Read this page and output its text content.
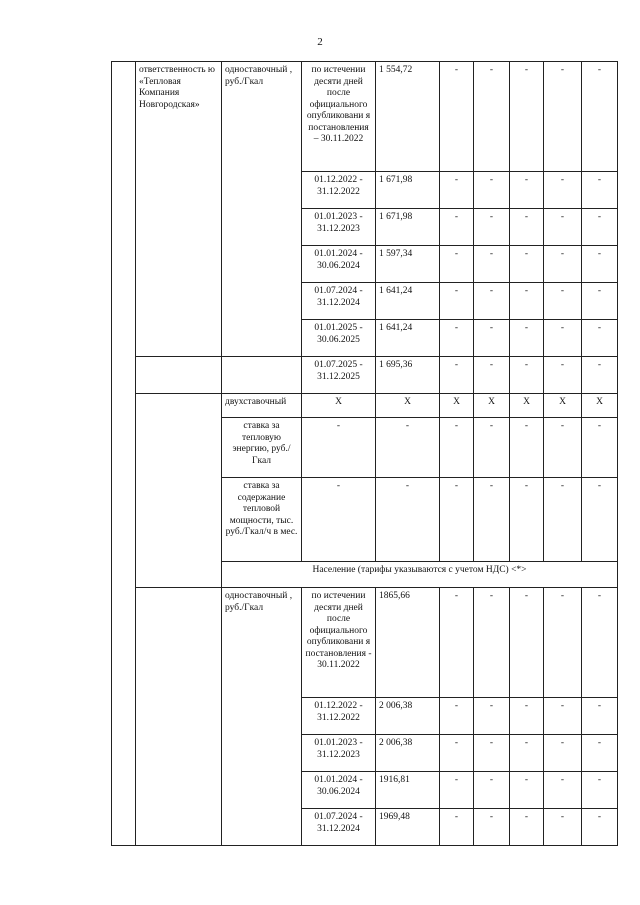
2
	ответственность ю «Тепловая Компания Новгородская»	одноставочный , руб./Гкал	по истечении десяти дней после официального опубликовани я постановления – 30.11.2022	1 554,72	-	-	-	-	-
			01.12.2022 - 31.12.2022	1 671,98	-	-	-	-	-
			01.01.2023 - 31.12.2023	1 671,98	-	-	-	-	-
			01.01.2024 - 30.06.2024	1 597,34	-	-	-	-	-
			01.07.2024 - 31.12.2024	1 641,24	-	-	-	-	-
			01.01.2025 - 30.06.2025	1 641,24	-	-	-	-	-
			01.07.2025 - 31.12.2025	1 695,36	-	-	-	-	-
		двухставочный	Х	Х	Х	Х	Х	Х	Х
		ставка за тепловую энергию, руб./Гкал	-	-	-	-	-	-	-
		ставка за содержание тепловой мощности, тыс. руб./Гкал/ч в мес.	-	-	-	-	-	-	-
		Население (тарифы указываются с учетом НДС) <*>							
		одноставочный , руб./Гкал	по истечении десяти дней после официального опубликовани я постановления - 30.11.2022	1865,66	-	-	-	-	-
			01.12.2022 - 31.12.2022	2 006,38	-	-	-	-	-
			01.01.2023 - 31.12.2023	2 006,38	-	-	-	-	-
			01.01.2024 - 30.06.2024	1916,81	-	-	-	-	-
			01.07.2024 - 31.12.2024	1969,48	-	-	-	-	-
